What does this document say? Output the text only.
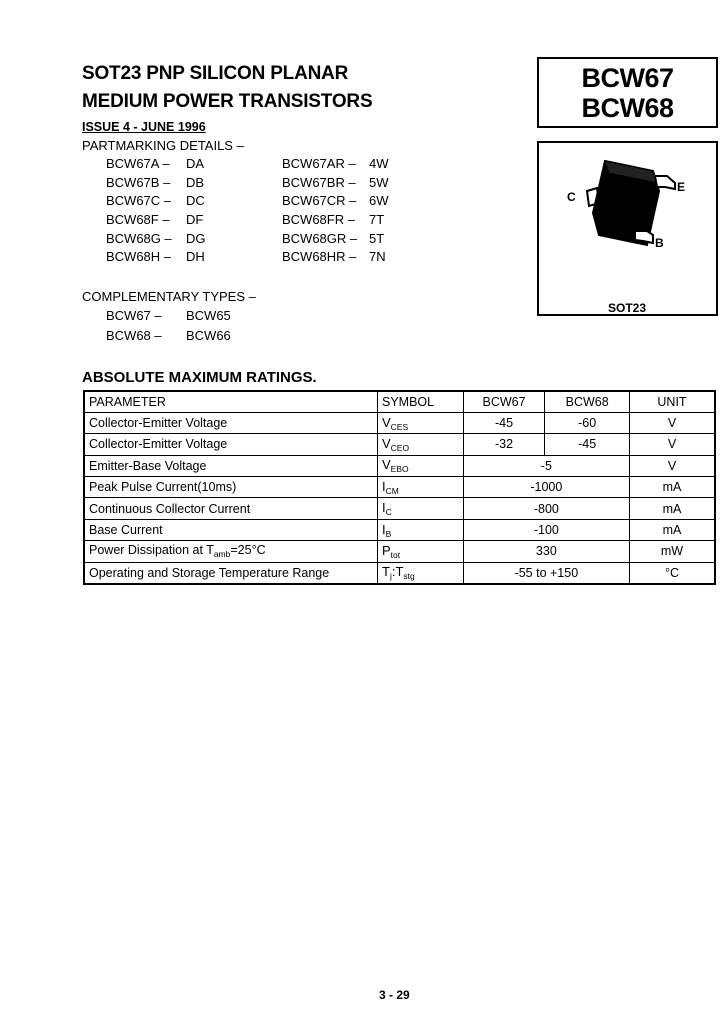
SOT23 PNP SILICON PLANAR
MEDIUM POWER TRANSISTORS
ISSUE 4 - JUNE 1996
BCW67
BCW68
PARTMARKING DETAILS –
BCW67A – DA
BCW67B – DB
BCW67C – DC
BCW68F – DF
BCW68G – DG
BCW68H – DH
BCW67AR – 4W
BCW67BR – 5W
BCW67CR – 6W
BCW68FR – 7T
BCW68GR – 5T
BCW68HR – 7N
COMPLEMENTARY TYPES –
BCW67 – BCW65
BCW68 – BCW66
C
E
B
SOT23
ABSOLUTE MAXIMUM RATINGS.
PARAMETER	SYMBOL	BCW67	BCW68	UNIT
Collector-Emitter Voltage	$V_{CES}$	-45	-60	V
Collector-Emitter Voltage	$V_{CEO}$	-32	-45	V
Emitter-Base Voltage	$V_{EBO}$	-5		V
Peak Pulse Current(10ms)	$I_{CM}$	-1000		mA
Continuous Collector Current	$I_C$	-800		mA
Base Current	$I_B$	-100		mA
Power Dissipation at $T_{amb}=25^\circ C$	$P_{tot}$	330		mW
Operating and Storage Temperature Range	$T_j:T_{stg}$	-55 to +150		°C
3 - 29
